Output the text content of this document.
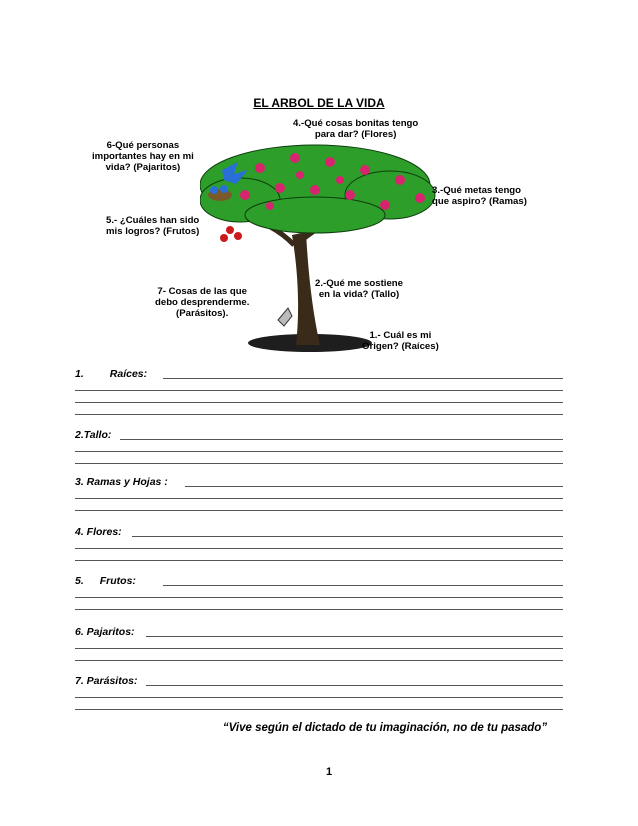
EL ARBOL DE LA VIDA
4.-Qué cosas bonitas tengo
para dar? (Flores)
6-Qué personas
importantes hay en mi
vida? (Pajaritos)
3.-Qué metas tengo
que aspiro? (Ramas)
5.- ¿Cuáles han sido
mis logros? (Frutos)
7- Cosas de las que
debo desprenderme.
(Parásitos).
2.-Qué me sostiene
en la vida? (Tallo)
1.- Cuál es mi
Origen? (Raíces)
1. Raíces:
2.Tallo:
3. Ramas y Hojas :
4. Flores:
5. Frutos:
6. Pajaritos:
7. Parásitos:
“Vive según el dictado de tu imaginación, no de tu pasado”
1
